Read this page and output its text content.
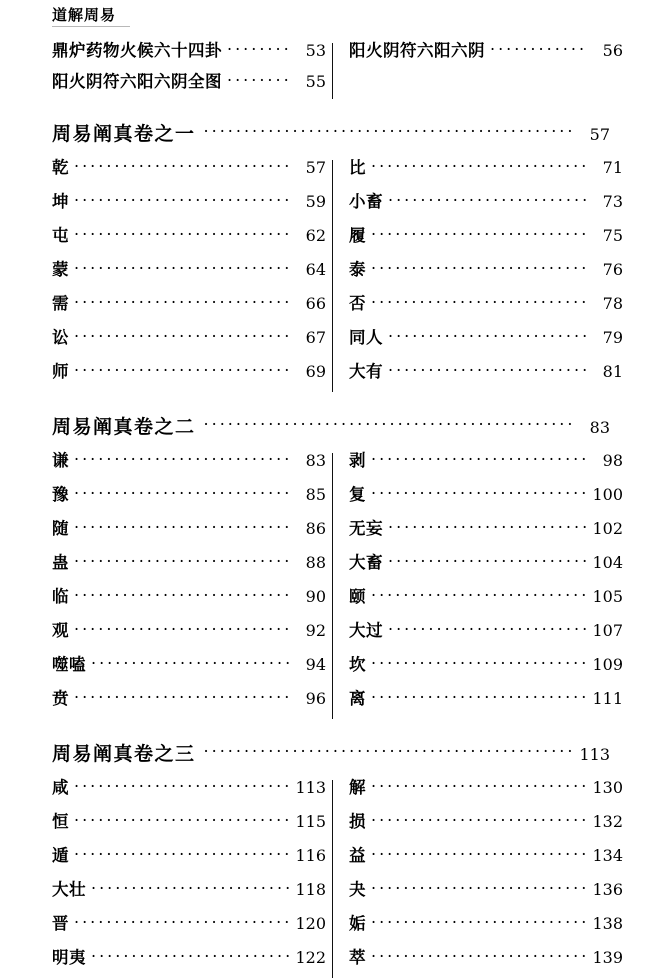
道解周易
鼎炉药物火候六十四卦 .....	53
阳火阴符六阳六阴全图 .....	55
阳火阴符六阳六阴 .....	56
周易阐真卷之一 .....	57
乾 .....	57
坤 .....	59
屯 .....	62
蒙 .....	64
需 .....	66
讼 .....	67
师 .....	69
比 .....	71
小畜 .....	73
履 .....	75
泰 .....	76
否 .....	78
同人 .....	79
大有 .....	81
周易阐真卷之二 .....	83
谦 .....	83
豫 .....	85
随 .....	86
蛊 .....	88
临 .....	90
观 .....	92
噬嗑 .....	94
贲 .....	96
剥 .....	98
复 .....	100
无妄 .....	102
大畜 .....	104
颐 .....	105
大过 .....	107
坎 .....	109
离 .....	111
周易阐真卷之三 .....	113
咸 .....	113
恒 .....	115
遁 .....	116
大壮 .....	118
晋 .....	120
明夷 .....	122
解 .....	130
损 .....	132
益 .....	134
夬 .....	136
姤 .....	138
萃 .....	139
